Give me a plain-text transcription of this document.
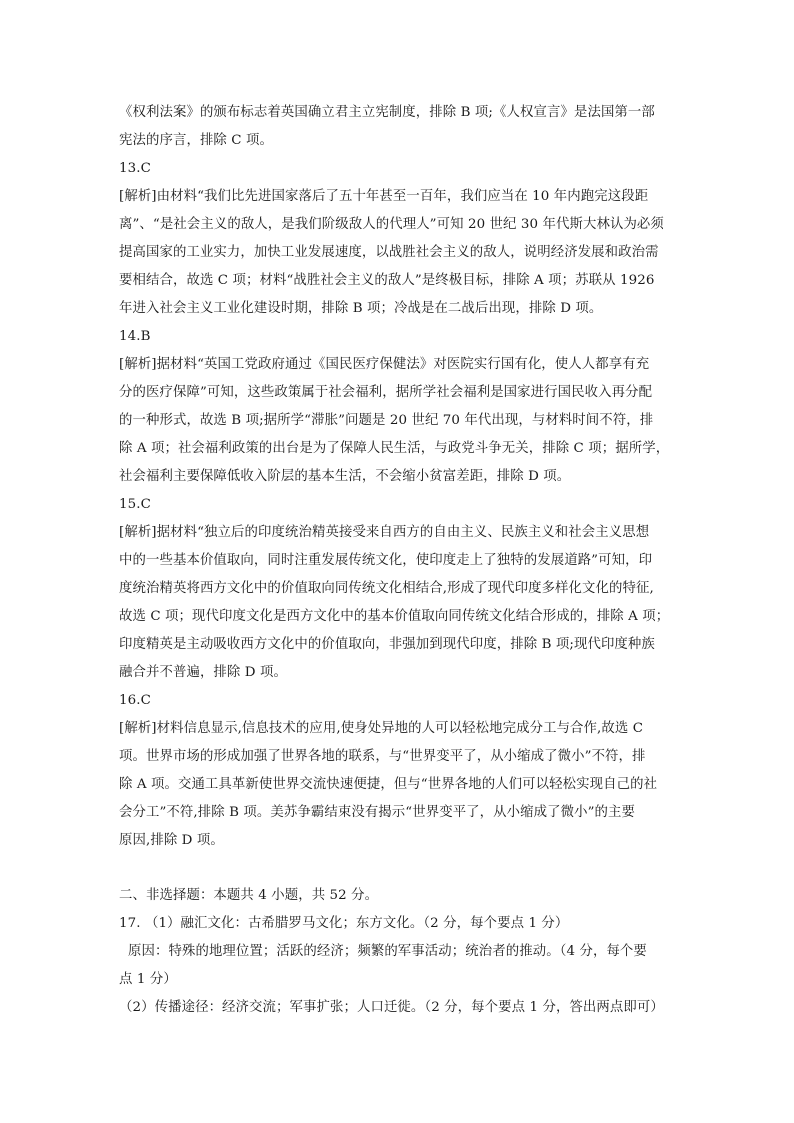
《权利法案》的颁布标志着英国确立君主立宪制度，排除 B 项;《人权宣言》是法国第一部
宪法的序言，排除 C 项。
13.C
[解析]由材料“我们比先进国家落后了五十年甚至一百年，我们应当在 10 年内跑完这段距
离”、“是社会主义的敌人，是我们阶级敌人的代理人”可知 20 世纪 30 年代斯大林认为必须
提高国家的工业实力，加快工业发展速度，以战胜社会主义的敌人，说明经济发展和政治需
要相结合，故选 C 项；材料“战胜社会主义的敌人”是终极目标，排除 A 项；苏联从 1926
年进入社会主义工业化建设时期，排除 B 项；冷战是在二战后出现，排除 D 项。
14.B
[解析]据材料“英国工党政府通过《国民医疗保健法》对医院实行国有化，使人人都享有充
分的医疗保障”可知，这些政策属于社会福利，据所学社会福利是国家进行国民收入再分配
的一种形式，故选 B 项;据所学“滞胀”问题是 20 世纪 70 年代出现，与材料时间不符，排
除 A 项；社会福利政策的出台是为了保障人民生活，与政党斗争无关，排除 C 项；据所学，
社会福利主要保障低收入阶层的基本生活，不会缩小贫富差距，排除 D 项。
15.C
[解析]据材料“独立后的印度统治精英接受来自西方的自由主义、民族主义和社会主义思想
中的一些基本价值取向，同时注重发展传统文化，使印度走上了独特的发展道路”可知，印
度统治精英将西方文化中的价值取向同传统文化相结合,形成了现代印度多样化文化的特征,
故选 C 项；现代印度文化是西方文化中的基本价值取向同传统文化结合形成的，排除 A 项；
印度精英是主动吸收西方文化中的价值取向，非强加到现代印度，排除 B 项;现代印度种族
融合并不普遍，排除 D 项。
16.C
[解析]材料信息显示,信息技术的应用,使身处异地的人可以轻松地完成分工与合作,故选 C
项。世界市场的形成加强了世界各地的联系，与“世界变平了，从小缩成了微小”不符，排
除 A 项。交通工具革新使世界交流快速便捷，但与“世界各地的人们可以轻松实现自己的社
会分工”不符,排除 B 项。美苏争霸结束没有揭示“世界变平了，从小缩成了微小”的主要
原因,排除 D 项。
二、非选择题：本题共 4 小题，共 52 分。
17. （1）融汇文化：古希腊罗马文化；东方文化。（2 分，每个要点 1 分）
原因：特殊的地理位置；活跃的经济；频繁的军事活动；统治者的推动。（4 分，每个要
点 1 分）
（2）传播途径：经济交流；军事扩张；人口迁徙。（2 分，每个要点 1 分，答出两点即可）
